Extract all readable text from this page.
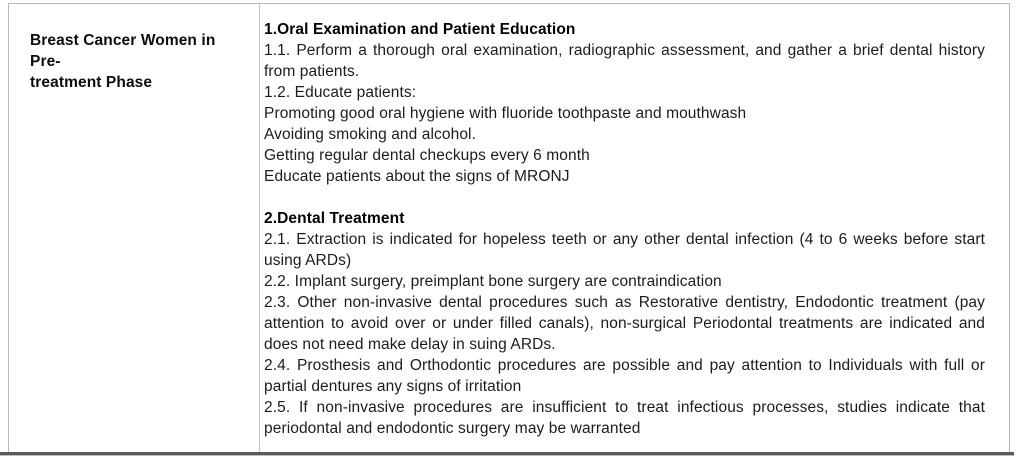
Breast Cancer Women in Pre-
treatment Phase

1.Oral Examination and Patient Education

1.1. Perform a thorough oral examination, radiographic assessment, and gather a brief dental history from patients.

1.2. Educate patients:

Promoting good oral hygiene with fluoride toothpaste and mouthwash

Avoiding smoking and alcohol.

Getting regular dental checkups every 6 month

Educate patients about the signs of MRONJ

2.Dental Treatment

2.1. Extraction is indicated for hopeless teeth or any other dental infection (4 to 6 weeks before start using ARDs)

2.2. Implant surgery, preimplant bone surgery are contraindication

2.3. Other non-invasive dental procedures such as Restorative dentistry, Endodontic treatment (pay attention to avoid over or under filled canals), non-surgical Periodontal treatments are indicated and does not need make delay in suing ARDs.

2.4. Prosthesis and Orthodontic procedures are possible and pay attention to Individuals with full or partial dentures any signs of irritation

2.5. If non-invasive procedures are insufficient to treat infectious processes, studies indicate that periodontal and endodontic surgery may be warranted
